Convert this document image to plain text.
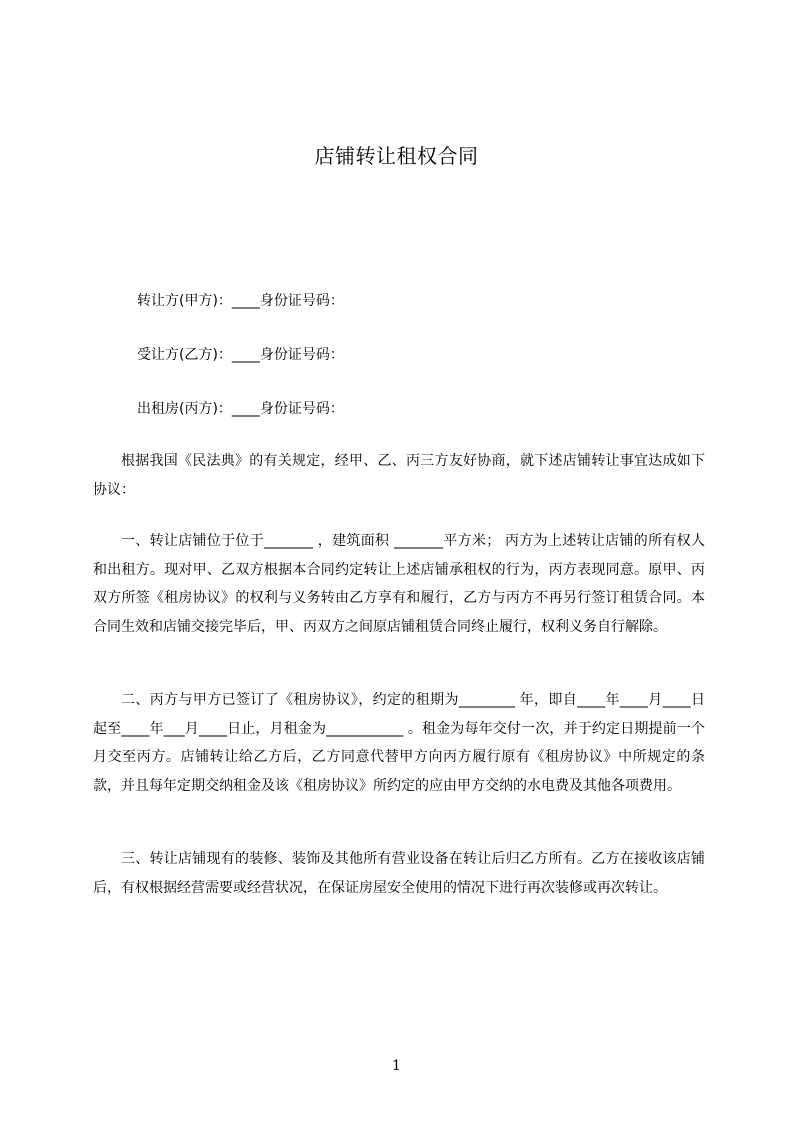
店铺转让租权合同
转让方(甲方)：____身份证号码：
受让方(乙方)：____身份证号码：
出租房(丙方)：____身份证号码：
根据我国《民法典》的有关规定，经甲、乙、丙三方友好协商，就下述店铺转让事宜达成如下协议：
一、转让店铺位于位于_______ ，建筑面积 _______平方米； 丙方为上述转让店铺的所有权人和出租方。现对甲、乙双方根据本合同约定转让上述店铺承租权的行为，丙方表现同意。原甲、丙双方所签《租房协议》的权利与义务转由乙方享有和履行，乙方与丙方不再另行签订租赁合同。本合同生效和店铺交接完毕后，甲、丙双方之间原店铺租赁合同终止履行，权利义务自行解除。
二、丙方与甲方已签订了《租房协议》，约定的租期为________ 年，即自____年____月____日起至____年___月____日止，月租金为___________ 。租金为每年交付一次，并于约定日期提前一个月交至丙方。店铺转让给乙方后，乙方同意代替甲方向丙方履行原有《租房协议》中所规定的条款，并且每年定期交纳租金及该《租房协议》所约定的应由甲方交纳的水电费及其他各项费用。
三、转让店铺现有的装修、装饰及其他所有营业设备在转让后归乙方所有。乙方在接收该店铺后，有权根据经营需要或经营状况，在保证房屋安全使用的情况下进行再次装修或再次转让。
1
